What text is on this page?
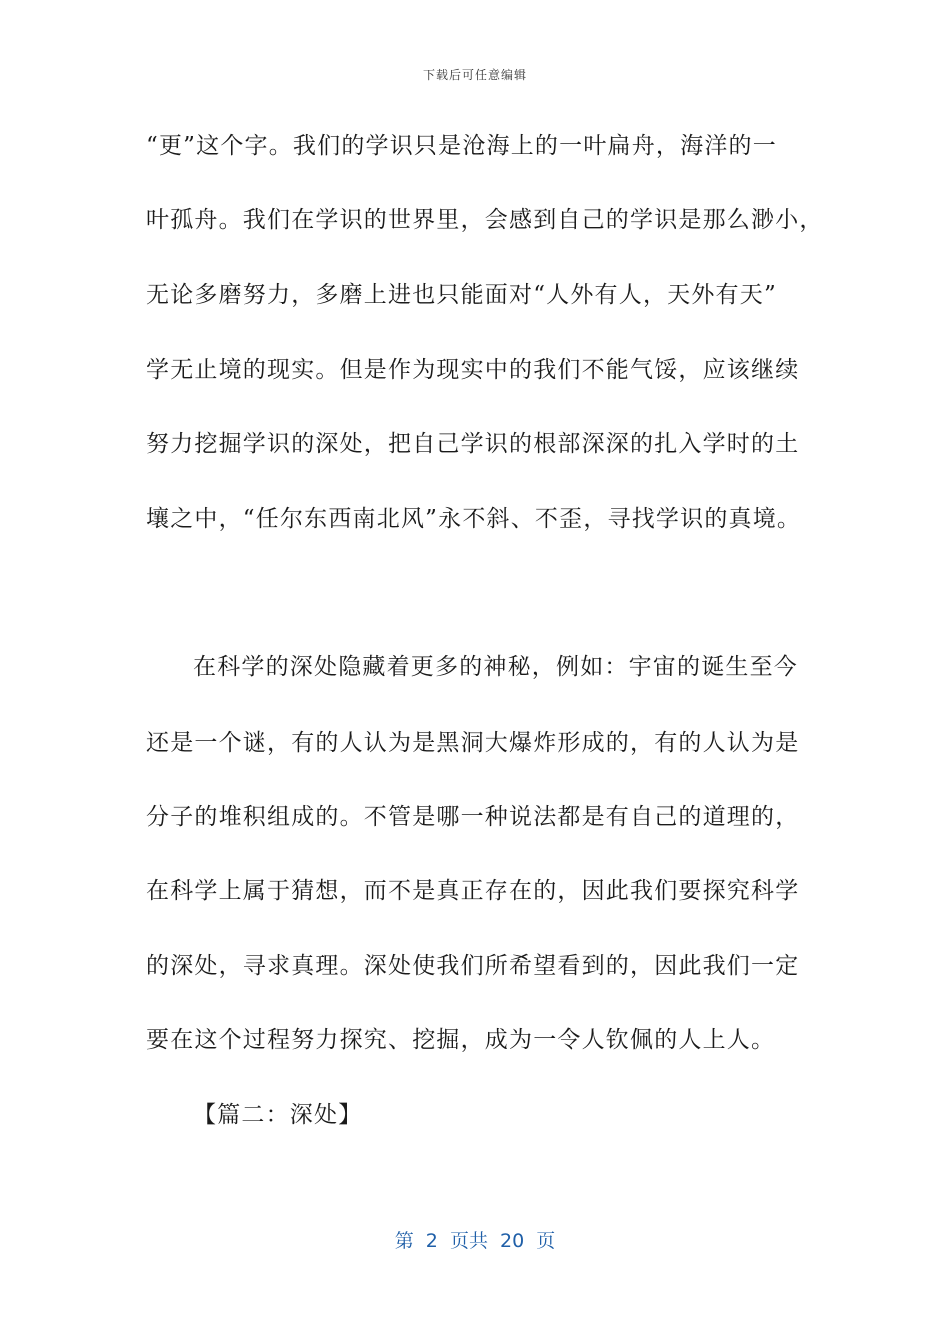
下载后可任意编辑
“更”这个字。我们的学识只是沧海上的一叶扁舟，海洋的一
叶孤舟。我们在学识的世界里，会感到自己的学识是那么渺小，
无论多磨努力，多磨上进也只能面对“人外有人，天外有天”
学无止境的现实。但是作为现实中的我们不能气馁，应该继续
努力挖掘学识的深处，把自己学识的根部深深的扎入学时的土
壤之中，“任尔东西南北风”永不斜、不歪，寻找学识的真境。
在科学的深处隐藏着更多的神秘，例如：宇宙的诞生至今
还是一个谜，有的人认为是黑洞大爆炸形成的，有的人认为是
分子的堆积组成的。不管是哪一种说法都是有自己的道理的，
在科学上属于猜想，而不是真正存在的，因此我们要探究科学
的深处，寻求真理。深处使我们所希望看到的，因此我们一定
要在这个过程努力探究、挖掘，成为一令人钦佩的人上人。
【篇二：深处】
第  2  页共  20  页
